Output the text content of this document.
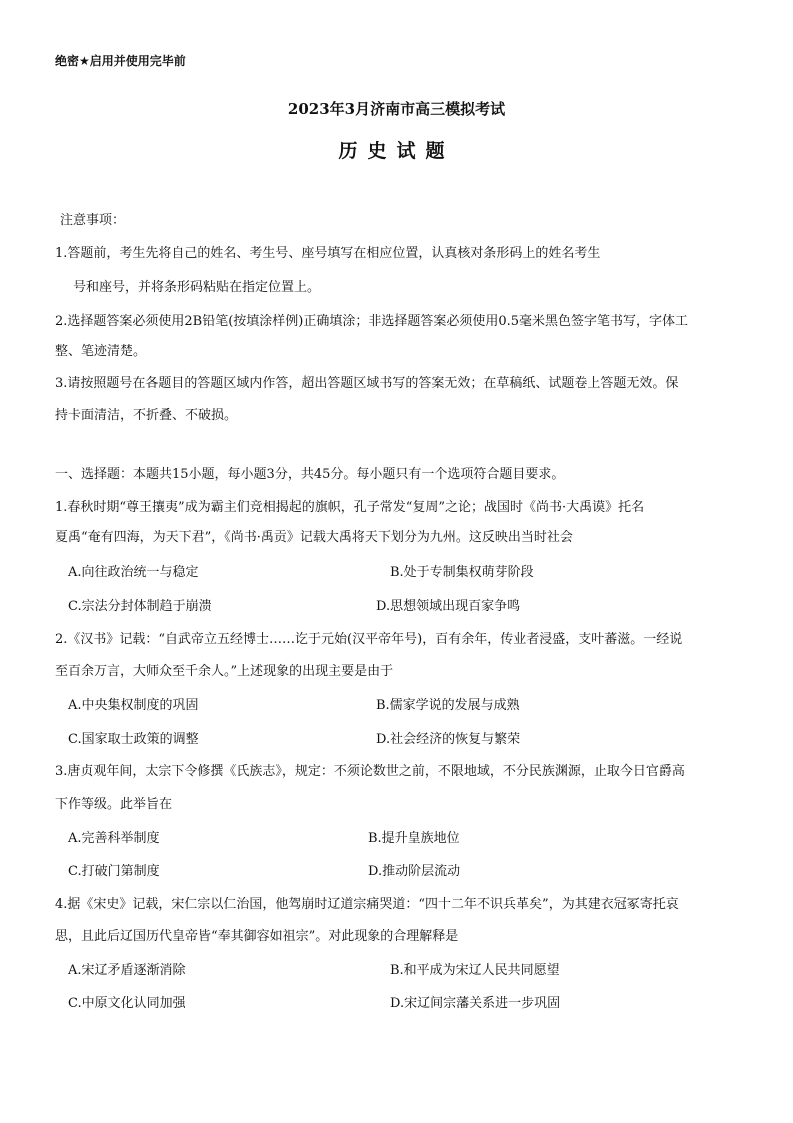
绝密★启用并使用完毕前
2023年3月济南市高三模拟考试
历史试题
注意事项：
1.答题前，考生先将自己的姓名、考生号、座号填写在相应位置，认真核对条形码上的姓名考生
号和座号，并将条形码粘贴在指定位置上。
2.选择题答案必须使用2B铅笔(按填涂样例)正确填涂；非选择题答案必须使用0.5毫米黑色签字笔书写，字体工
整、笔迹清楚。
3.请按照题号在各题目的答题区域内作答，超出答题区域书写的答案无效；在草稿纸、试题卷上答题无效。保
持卡面清洁，不折叠、不破损。
一、选择题：本题共15小题，每小题3分，共45分。每小题只有一个选项符合题目要求。
1.春秋时期“尊王攘夷”成为霸主们竞相揭起的旗帜，孔子常发“复周”之论；战国时《尚书·大禹谟》托名
夏禹“奄有四海，为天下君”，《尚书·禹贡》记载大禹将天下划分为九州。这反映出当时社会
A.向往政治统一与稳定	B.处于专制集权萌芽阶段
C.宗法分封体制趋于崩溃	D.思想领域出现百家争鸣
2.《汉书》记载：“自武帝立五经博士……讫于元始(汉平帝年号)，百有余年，传业者浸盛，支叶蕃滋。一经说
至百余万言，大师众至千余人。”上述现象的出现主要是由于
A.中央集权制度的巩固	B.儒家学说的发展与成熟
C.国家取士政策的调整	D.社会经济的恢复与繁荣
3.唐贞观年间，太宗下令修撰《氏族志》，规定：不须论数世之前，不限地域，不分民族渊源，止取今日官爵高
下作等级。此举旨在
A.完善科举制度	B.提升皇族地位
C.打破门第制度	D.推动阶层流动
4.据《宋史》记载，宋仁宗以仁治国，他驾崩时辽道宗痛哭道：“四十二年不识兵革矣”，为其建衣冠冢寄托哀
思，且此后辽国历代皇帝皆“奉其御容如祖宗”。对此现象的合理解释是
A.宋辽矛盾逐渐消除	B.和平成为宋辽人民共同愿望
C.中原文化认同加强	D.宋辽间宗藩关系进一步巩固
